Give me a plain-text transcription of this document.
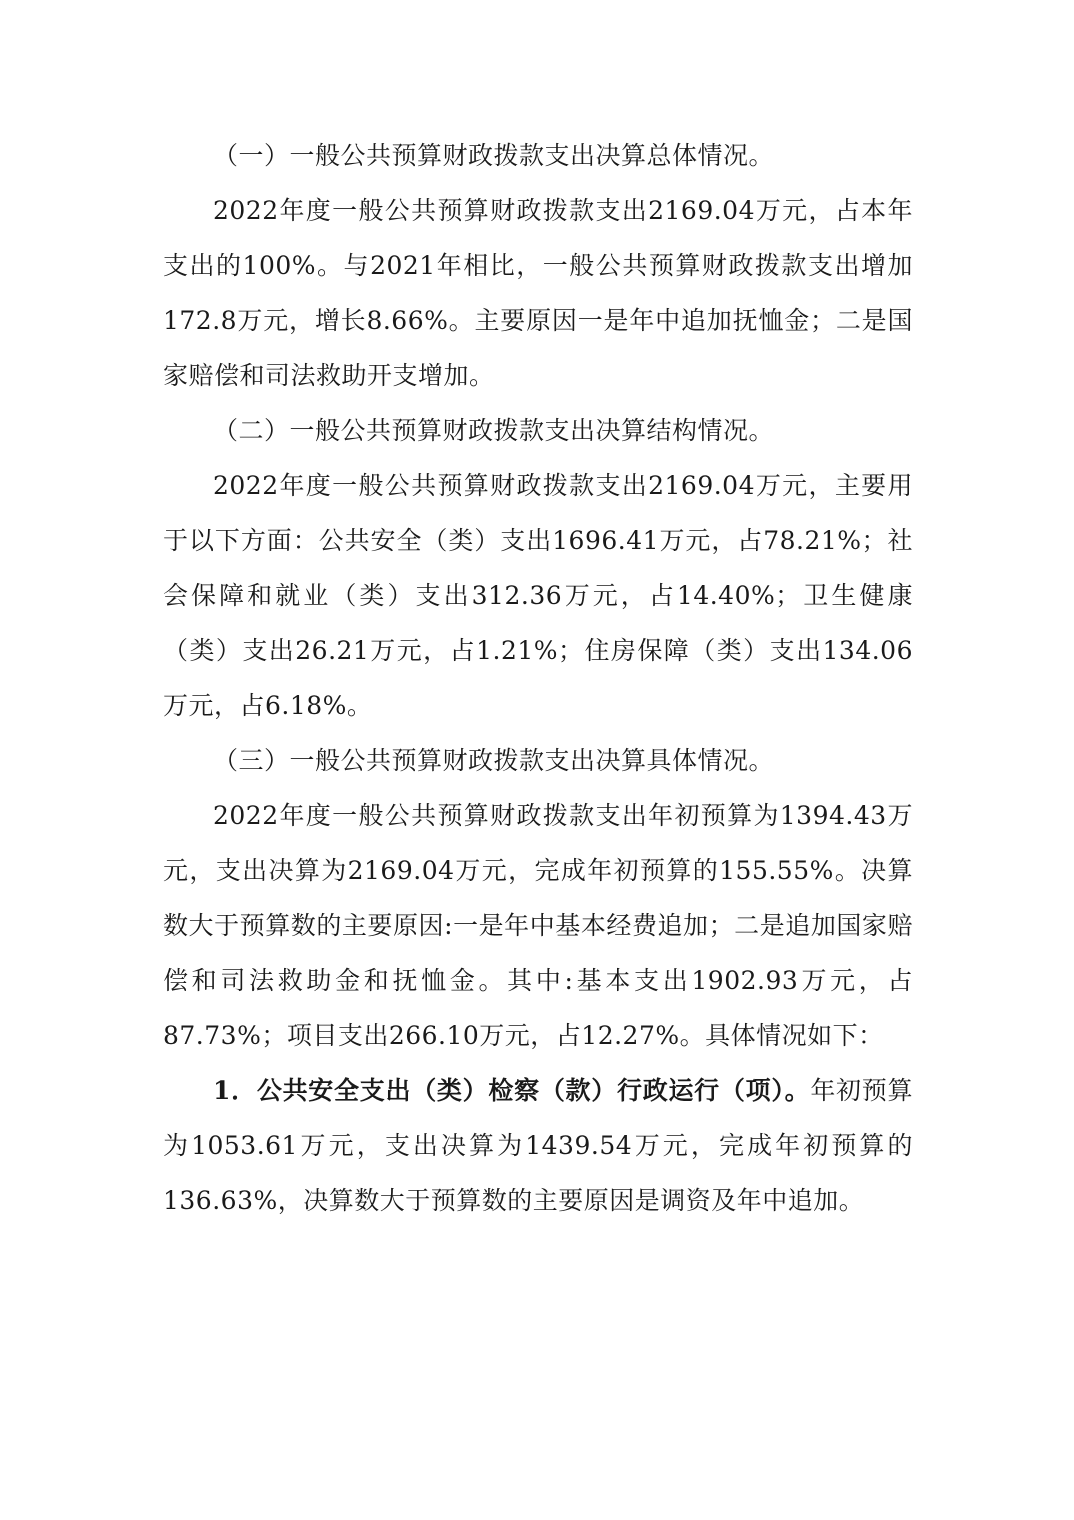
（一）一般公共预算财政拨款支出决算总体情况。

2022年度一般公共预算财政拨款支出2169.04万元，占本年支出的100%。与2021年相比，一般公共预算财政拨款支出增加172.8万元，增长8.66%。主要原因一是年中追加抚恤金；二是国家赔偿和司法救助开支增加。

（二）一般公共预算财政拨款支出决算结构情况。

2022年度一般公共预算财政拨款支出2169.04万元，主要用于以下方面：公共安全（类）支出1696.41万元，占78.21%；社会保障和就业（类）支出312.36万元，占14.40%；卫生健康（类）支出26.21万元，占1.21%；住房保障（类）支出134.06万元，占6.18%。

（三）一般公共预算财政拨款支出决算具体情况。

2022年度一般公共预算财政拨款支出年初预算为1394.43万元，支出决算为2169.04万元，完成年初预算的155.55%。决算数大于预算数的主要原因:一是年中基本经费追加；二是追加国家赔偿和司法救助金和抚恤金。其中:基本支出1902.93万元，占87.73%；项目支出266.10万元，占12.27%。具体情况如下：

1．公共安全支出（类）检察（款）行政运行（项）。年初预算为1053.61万元，支出决算为1439.54万元，完成年初预算的136.63%，决算数大于预算数的主要原因是调资及年中追加。
